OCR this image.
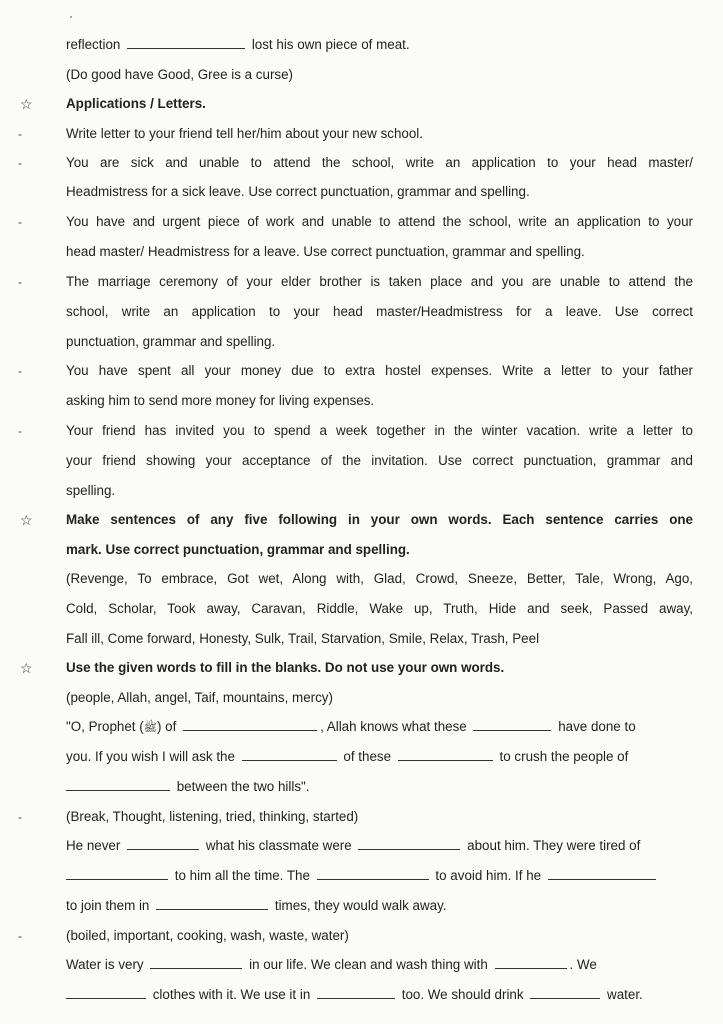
reflection	lost his own piece of meat.
(Do good have Good, Gree is a curse)
☆ Applications / Letters.
-	Write letter to your friend tell her/him about your new school.
-	You are sick and unable to attend the school, write an application to your head master/
Headmistress for a sick leave. Use correct punctuation, grammar and spelling.
-	You have and urgent piece of work and unable to attend the school, write an application to your
head master/ Headmistress for a leave. Use correct punctuation, grammar and spelling.
-	The marriage ceremony of your elder brother is taken place and you are unable to attend the
school, write an application to your head master/Headmistress for a leave. Use correct
punctuation, grammar and spelling.
-	You have spent all your money due to extra hostel expenses. Write a letter to your father
asking him to send more money for living expenses.
-	Your friend has invited you to spend a week together in the winter vacation. write a letter to
your friend showing your acceptance of the invitation. Use correct punctuation, grammar and
spelling.
☆ Make sentences of any five following in your own words. Each sentence carries one
mark. Use correct punctuation, grammar and spelling.
(Revenge, To embrace, Got wet, Along with, Glad, Crowd, Sneeze, Better, Tale, Wrong, Ago,
Cold, Scholar, Took away, Caravan, Riddle, Wake up, Truth, Hide and seek, Passed away,
Fall ill, Come forward, Honesty, Sulk, Trail, Starvation, Smile, Relax, Trash, Peel
☆ Use the given words to fill in the blanks. Do not use your own words.
(people, Allah, angel, Taif, mountains, mercy)
"O, Prophet (ﷺ) of	, Allah knows what these	have done to
you. If you wish I will ask the	of these	to crush the people of
between the two hills".
-	(Break, Thought, listening, tried, thinking, started)
He never	what his classmate were	about him. They were tired of
to him all the time. The	to avoid him. If he
to join them in	times, they would walk away.
-	(boiled, important, cooking, wash, waste, water)
Water is very	in our life. We clean and wash thing with	. We
clothes with it. We use it in	too. We should drink	water.
